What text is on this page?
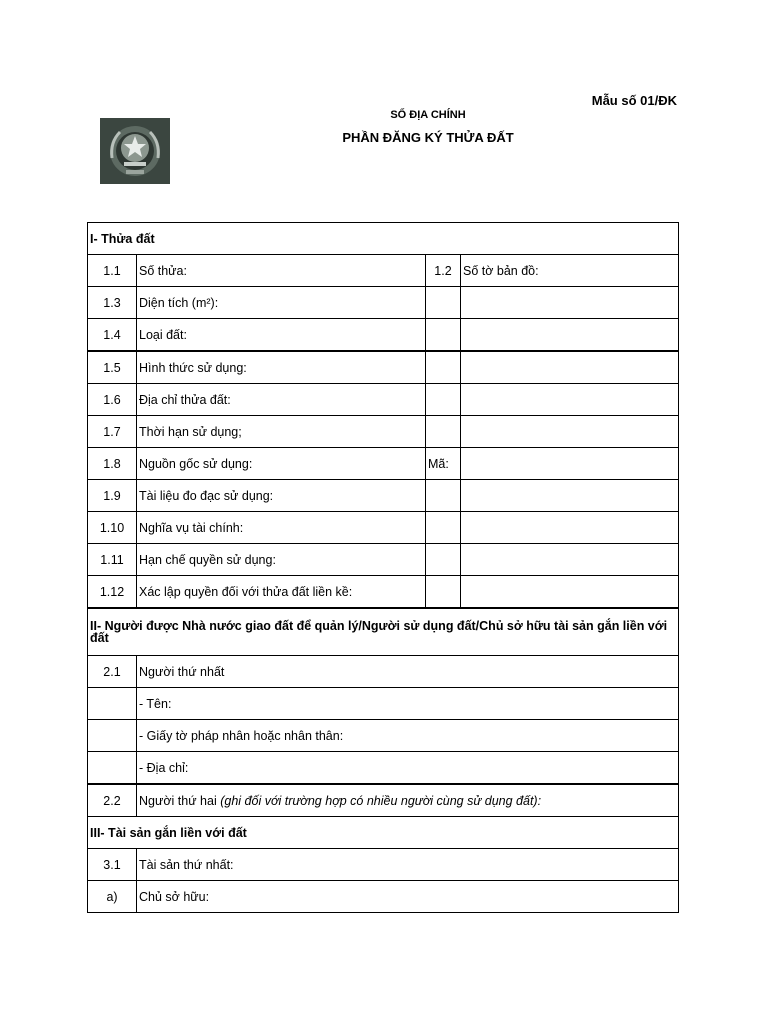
Mẫu số 01/ĐK
SỔ ĐỊA CHÍNH
PHẦN ĐĂNG KÝ THỬA ĐẤT
I- Thửa đất			
1.1	Số thửa:	1.2	Số tờ bản đồ:
1.3	Diện tích (m²):		
1.4	Loại đất:		
1.5	Hình thức sử dụng:		
1.6	Địa chỉ thửa đất:		
1.7	Thời hạn sử dụng;		
1.8	Nguồn gốc sử dụng:	Mã:	
1.9	Tài liệu đo đạc sử dụng:		
1.10	Nghĩa vụ tài chính:		
1.11	Hạn chế quyền sử dụng:		
1.12	Xác lập quyền đối với thửa đất liền kề:		
II- Người được Nhà nước giao đất để quản lý/Người sử dụng đất/Chủ sở hữu tài sản gắn liền với đất			
2.1	Người thứ nhất		
	- Tên:		
	- Giấy tờ pháp nhân hoặc nhân thân:		
	- Địa chỉ:		
2.2	Người thứ hai (ghi đối với trường hợp có nhiều người cùng sử dụng đất):		
III- Tài sản gắn liền với đất			
3.1	Tài sản thứ nhất:		
a)	Chủ sở hữu:		
